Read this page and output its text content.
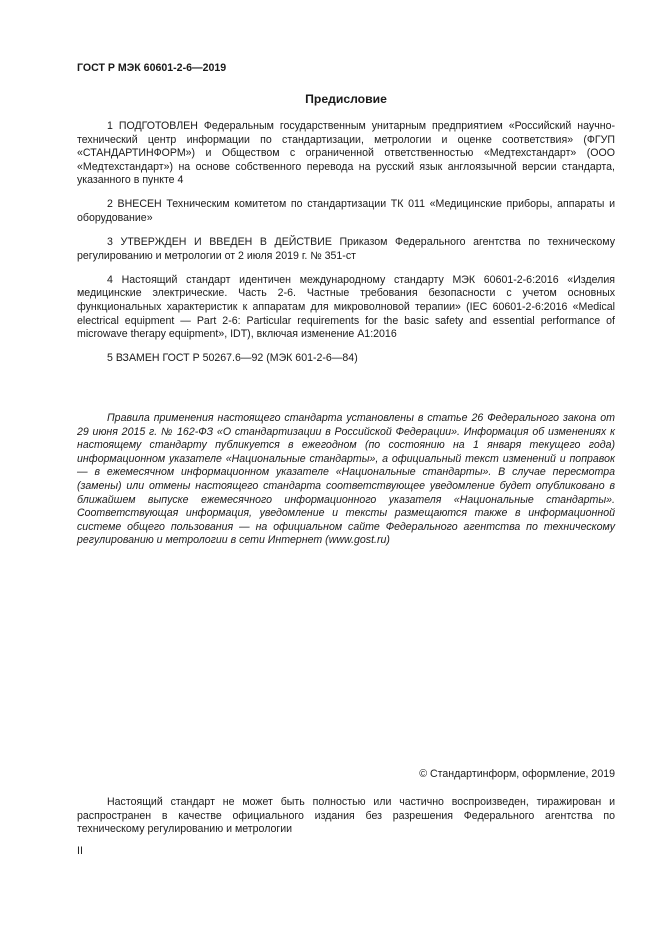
ГОСТ Р МЭК 60601-2-6—2019
Предисловие

1 ПОДГОТОВЛЕН Федеральным государственным унитарным предприятием «Российский научно-технический центр информации по стандартизации, метрологии и оценке соответствия» (ФГУП «СТАНДАРТИНФОРМ») и Обществом с ограниченной ответственностью «Медтехстандарт» (ООО «Медтехстандарт») на основе собственного перевода на русский язык англоязычной версии стандарта, указанного в пункте 4

2 ВНЕСЕН Техническим комитетом по стандартизации ТК 011 «Медицинские приборы, аппараты и оборудование»

3 УТВЕРЖДЕН И ВВЕДЕН В ДЕЙСТВИЕ Приказом Федерального агентства по техническому регулированию и метрологии от 2 июля 2019 г. № 351-ст

4 Настоящий стандарт идентичен международному стандарту МЭК 60601-2-6:2016 «Изделия медицинские электрические. Часть 2-6. Частные требования безопасности с учетом основных функциональных характеристик к аппаратам для микроволновой терапии» (IEC 60601-2-6:2016 «Medical electrical equipment — Part 2-6: Particular requirements for the basic safety and essential performance of microwave therapy equipment», IDT), включая изменение А1:2016

5 ВЗАМЕН ГОСТ Р 50267.6—92 (МЭК 601-2-6—84)

Правила применения настоящего стандарта установлены в статье 26 Федерального закона от 29 июня 2015 г. № 162-ФЗ «О стандартизации в Российской Федерации». Информация об изменениях к настоящему стандарту публикуется в ежегодном (по состоянию на 1 января текущего года) информационном указателе «Национальные стандарты», а официальный текст изменений и поправок — в ежемесячном информационном указателе «Национальные стандарты». В случае пересмотра (замены) или отмены настоящего стандарта соответствующее уведомление будет опубликовано в ближайшем выпуске ежемесячного информационного указателя «Национальные стандарты». Соответствующая информация, уведомление и тексты размещаются также в информационной системе общего пользования — на официальном сайте Федерального агентства по техническому регулированию и метрологии в сети Интернет (www.gost.ru)

© Стандартинформ, оформление, 2019

Настоящий стандарт не может быть полностью или частично воспроизведен, тиражирован и распространен в качестве официального издания без разрешения Федерального агентства по техническому регулированию и метрологии

II
